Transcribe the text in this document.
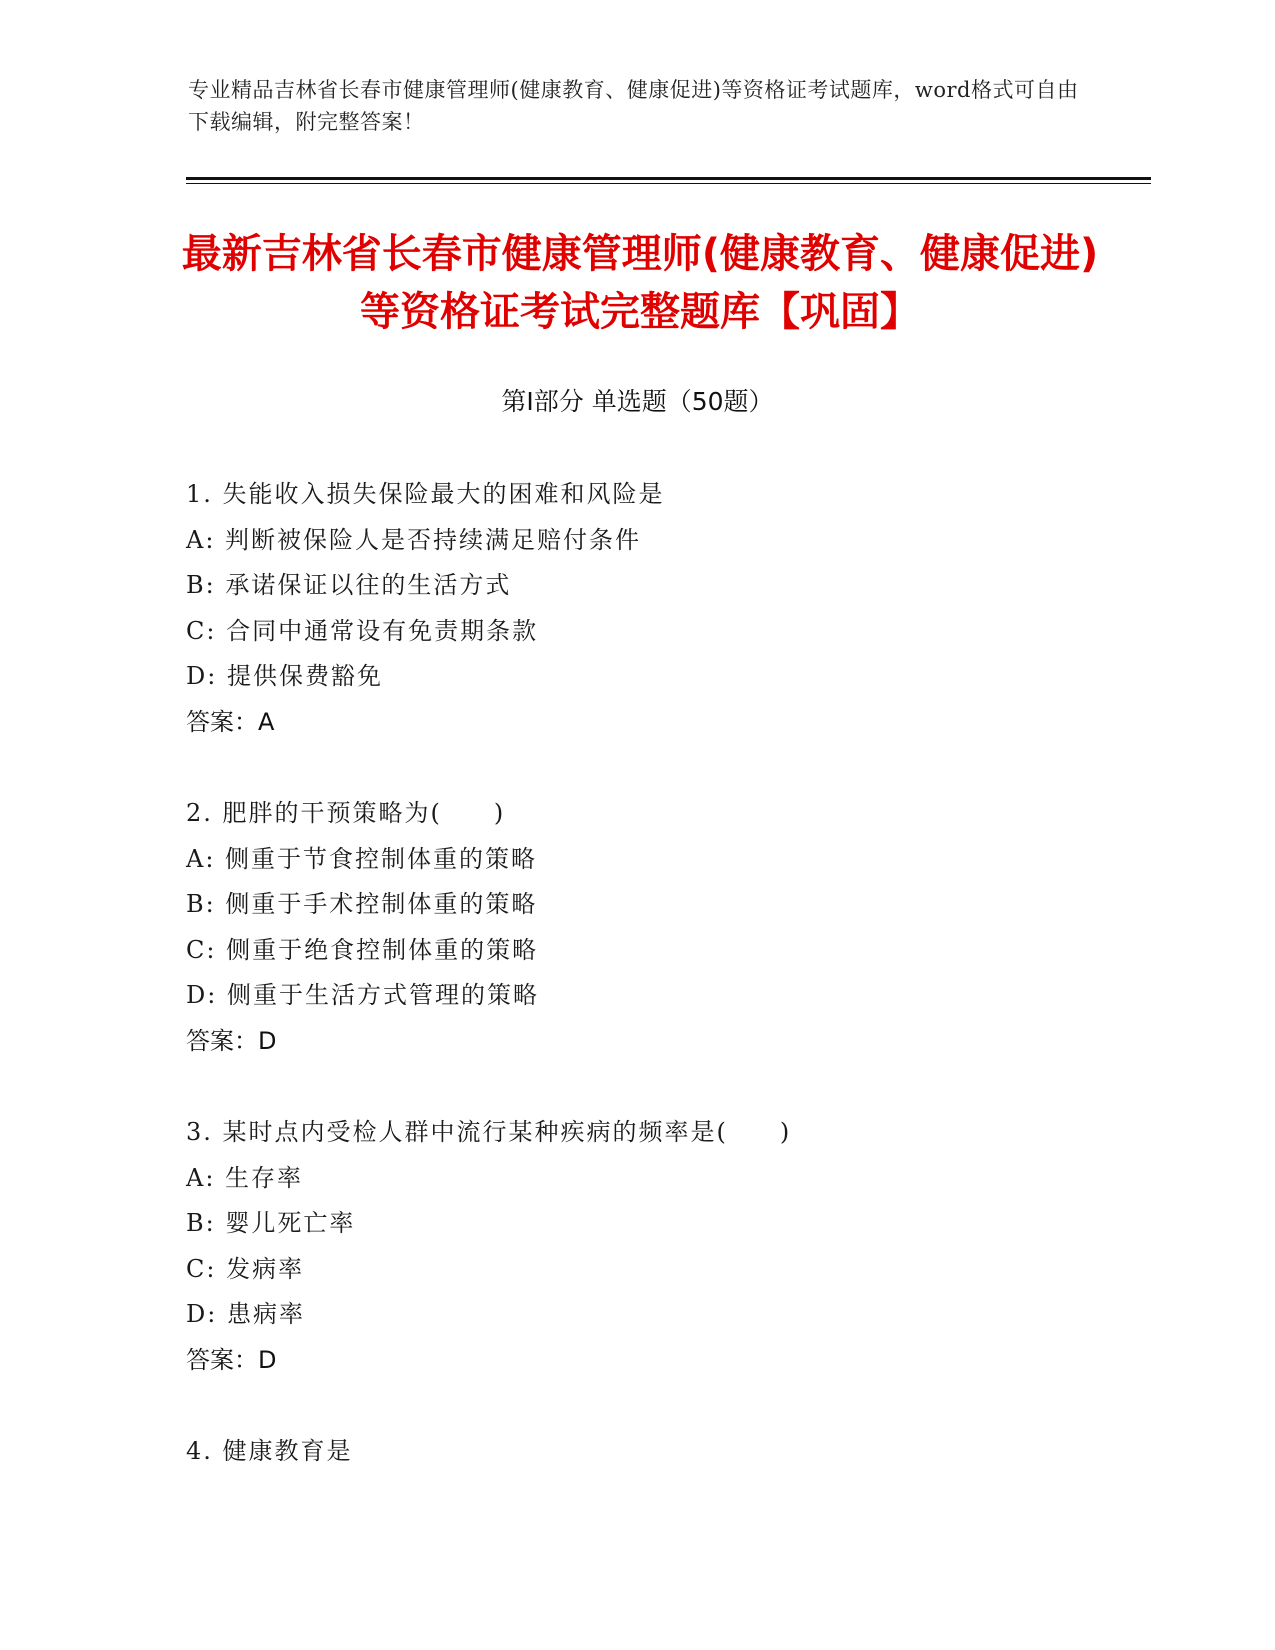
专业精品吉林省长春市健康管理师(健康教育、健康促进)等资格证考试题库，word格式可自由下载编辑，附完整答案！
最新吉林省长春市健康管理师(健康教育、健康促进)等资格证考试完整题库【巩固】
第Ⅰ部分 单选题（50题）
1. 失能收入损失保险最大的困难和风险是
A: 判断被保险人是否持续满足赔付条件
B: 承诺保证以往的生活方式
C: 合同中通常设有免责期条款
D: 提供保费豁免
答案：A
2. 肥胖的干预策略为(　　)
A: 侧重于节食控制体重的策略
B: 侧重于手术控制体重的策略
C: 侧重于绝食控制体重的策略
D: 侧重于生活方式管理的策略
答案：D
3. 某时点内受检人群中流行某种疾病的频率是(　　)
A: 生存率
B: 婴儿死亡率
C: 发病率
D: 患病率
答案：D
4. 健康教育是
